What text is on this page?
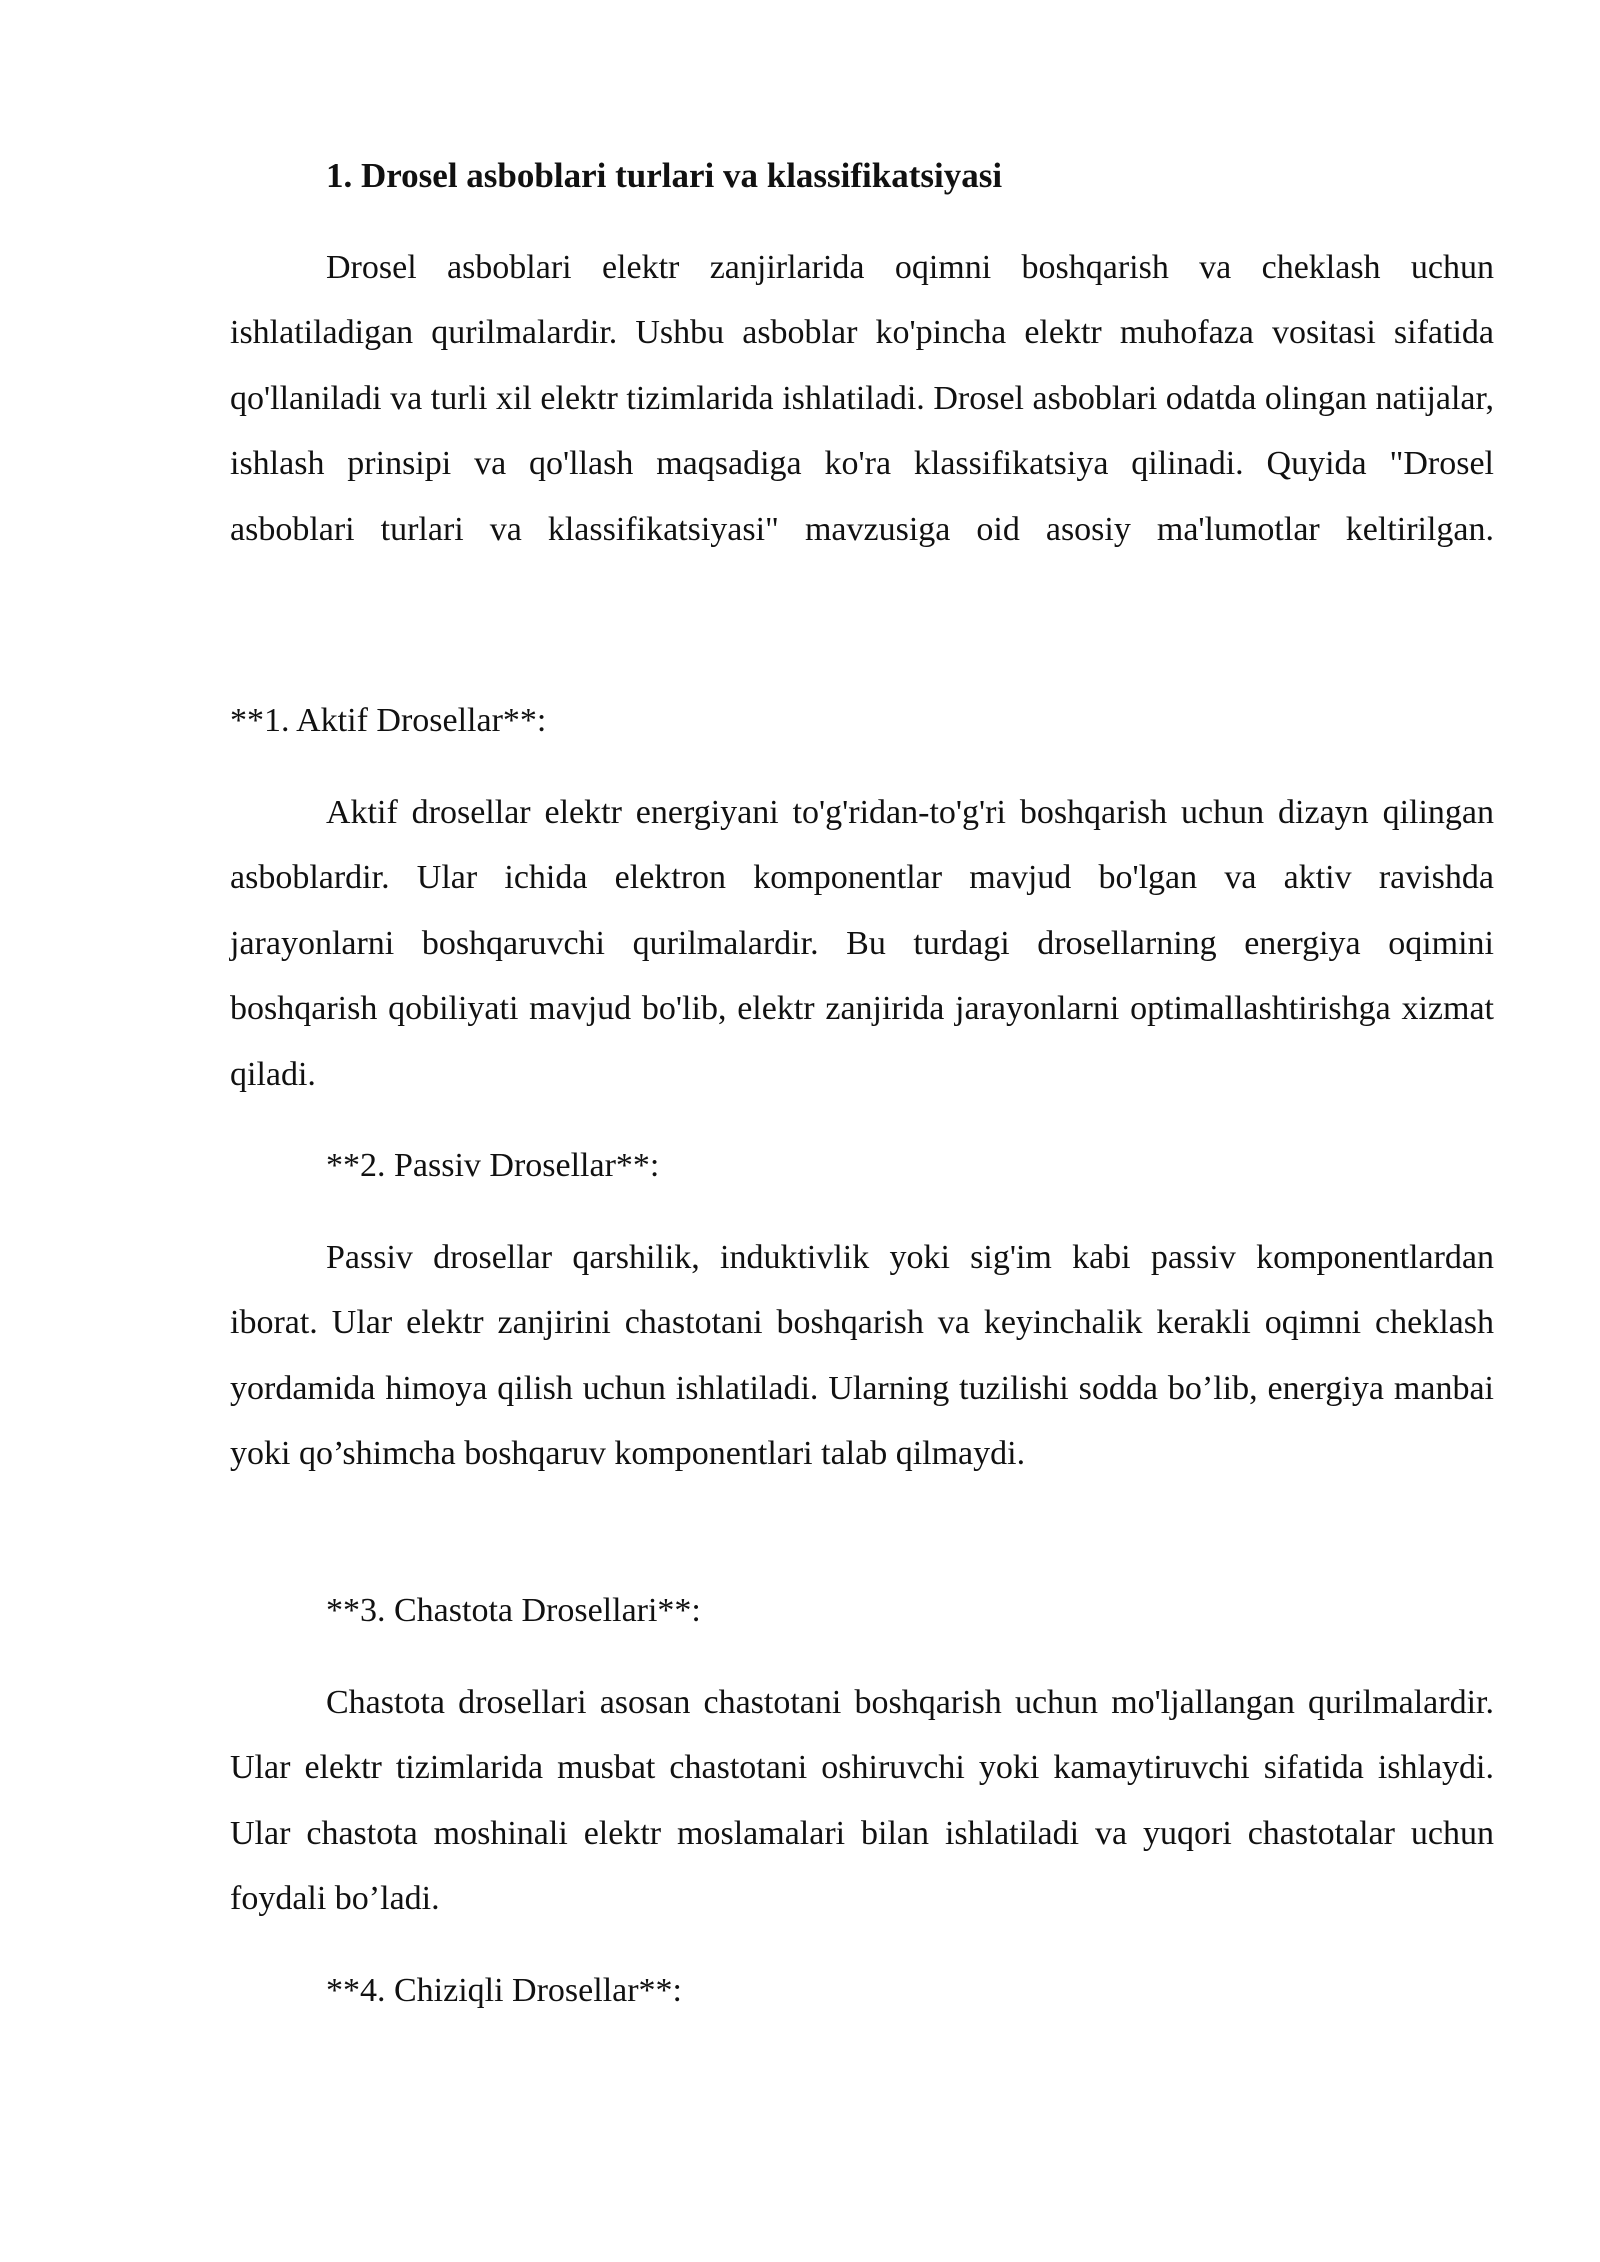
1. Drosel asboblari turlari va klassifikatsiyasi

Drosel asboblari elektr zanjirlarida oqimni boshqarish va cheklash uchun ishlatiladigan qurilmalardir. Ushbu asboblar ko'pincha elektr muhofaza vositasi sifatida qo'llaniladi va turli xil elektr tizimlarida ishlatiladi. Drosel asboblari odatda olingan natijalar, ishlash prinsipi va qo'llash maqsadiga ko'ra klassifikatsiya qilinadi. Quyida "Drosel asboblari turlari va klassifikatsiyasi" mavzusiga oid asosiy ma'lumotlar keltirilgan.

**1. Aktif Drosellar**:

Aktif drosellar elektr energiyani to'g'ridan-to'g'ri boshqarish uchun dizayn qilingan asboblardir. Ular ichida elektron komponentlar mavjud bo'lgan va aktiv ravishda jarayonlarni boshqaruvchi qurilmalardir. Bu turdagi drosellarning energiya oqimini boshqarish qobiliyati mavjud bo'lib, elektr zanjirida jarayonlarni optimallashtirishga xizmat qiladi.

**2. Passiv Drosellar**:

Passiv drosellar qarshilik, induktivlik yoki sig'im kabi passiv komponentlardan iborat. Ular elektr zanjirini chastotani boshqarish va keyinchalik kerakli oqimni cheklash yordamida himoya qilish uchun ishlatiladi. Ularning tuzilishi sodda bo’lib, energiya manbai yoki qo’shimcha boshqaruv komponentlari talab qilmaydi.

**3. Chastota Drosellari**:

Chastota drosellari asosan chastotani boshqarish uchun mo'ljallangan qurilmalardir. Ular elektr tizimlarida musbat chastotani oshiruvchi yoki kamaytiruvchi sifatida ishlaydi. Ular chastota moshinali elektr moslamalari bilan ishlatiladi va yuqori chastotalar uchun foydali bo’ladi.

**4. Chiziqli Drosellar**:
